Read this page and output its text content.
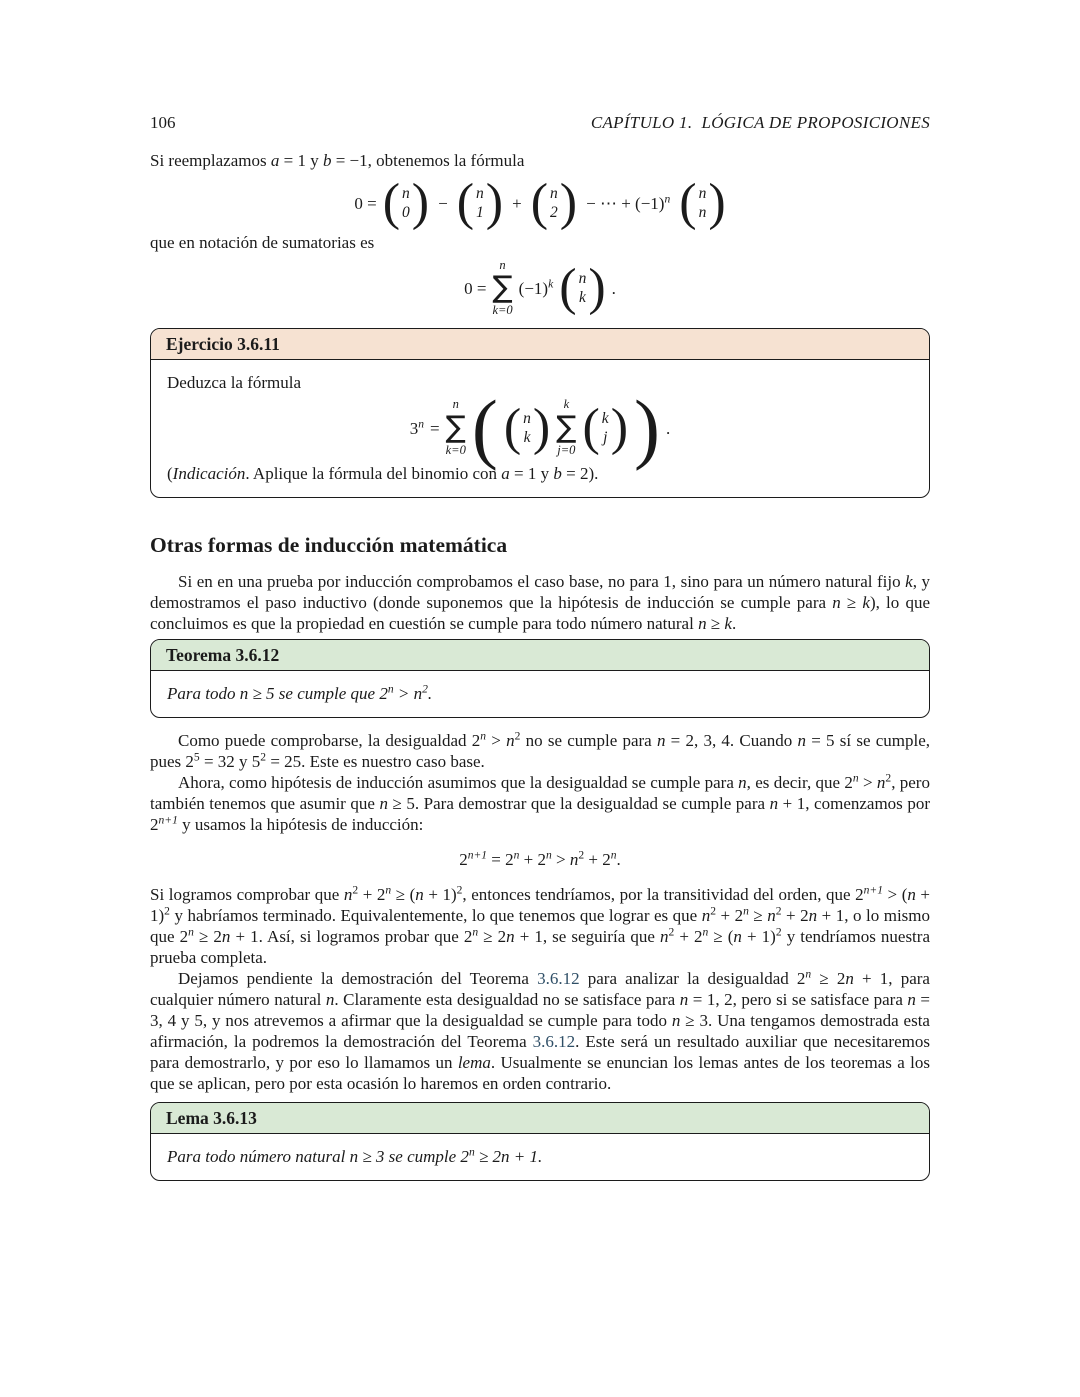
106	CAPÍTULO 1.  LÓGICA DE PROPOSICIONES

Si reemplazamos a = 1 y b = −1, obtenemos la fórmula

0 = ( n
0 ) − ( n
1 ) + ( n
2 ) − ⋯ + $(-1)^n$ ( n
n )

que en notación de sumatorias es

0 =
n
∑
k=0
$(-1)^k$ ( n
k ) .
Ejercicio 3.6.11

Deduzca la fórmula

$3^n$ =
n
∑
k=0 ( ( n
k ) k
∑
j=0 ( k
j ) ) .

(Indicación. Aplique la fórmula del binomio con a = 1 y b = 2).

Otras formas de inducción matemática

Si en en una prueba por inducción comprobamos el caso base, no para 1, sino para un número natural fijo k, y demostramos el paso inductivo (donde suponemos que la hipótesis de inducción se cumple para n ≥ k), lo que concluimos es que la propiedad en cuestión se cumple para todo número natural n ≥ k.

Teorema 3.6.12

Para todo n ≥ 5 se cumple que $2^n > n^2$.

Como puede comprobarse, la desigualdad $2^n > n^2$ no se cumple para n = 2, 3, 4. Cuando n = 5 sí se cumple, pues $2^5 = 32$ y $5^2 = 25$. Este es nuestro caso base.

Ahora, como hipótesis de inducción asumimos que la desigualdad se cumple para n, es decir, que $2^n > n^2$, pero también tenemos que asumir que n ≥ 5. Para demostrar que la desigualdad se cumple para n + 1, comenzamos por $2^{n+1}$ y usamos la hipótesis de inducción:

$2^{n+1} = 2^n + 2^n > n^2 + 2^n$.

Si logramos comprobar que $n^2 + 2^n \ge (n + 1)^2$, entonces tendríamos, por la transitividad del orden, que $2^{n+1} > (n + 1)^2$ y habríamos terminado. Equivalentemente, lo que tenemos que lograr es que $n^2 + 2^n \ge n^2 + 2n + 1$, o lo mismo que $2^n \ge 2n + 1$. Así, si logramos probar que $2^n \ge 2n + 1$, se seguiría que $n^2 + 2^n \ge (n + 1)^2$ y tendríamos nuestra prueba completa.

Dejamos pendiente la demostración del Teorema 3.6.12 para analizar la desigualdad $2^n \ge 2n + 1$, para cualquier número natural n. Claramente esta desigualdad no se satisface para n = 1, 2, pero si se satisface para n = 3, 4 y 5, y nos atrevemos a afirmar que la desigualdad se cumple para todo n ≥ 3. Una tengamos demostrada esta afirmación, la podremos la demostración del Teorema 3.6.12. Este será un resultado auxiliar que necesitaremos para demostrarlo, y por eso lo llamamos un lema. Usualmente se enuncian los lemas antes de los teoremas a los que se aplican, pero por esta ocasión lo haremos en orden contrario.

Lema 3.6.13

Para todo número natural n ≥ 3 se cumple $2^n \ge 2n + 1$.
